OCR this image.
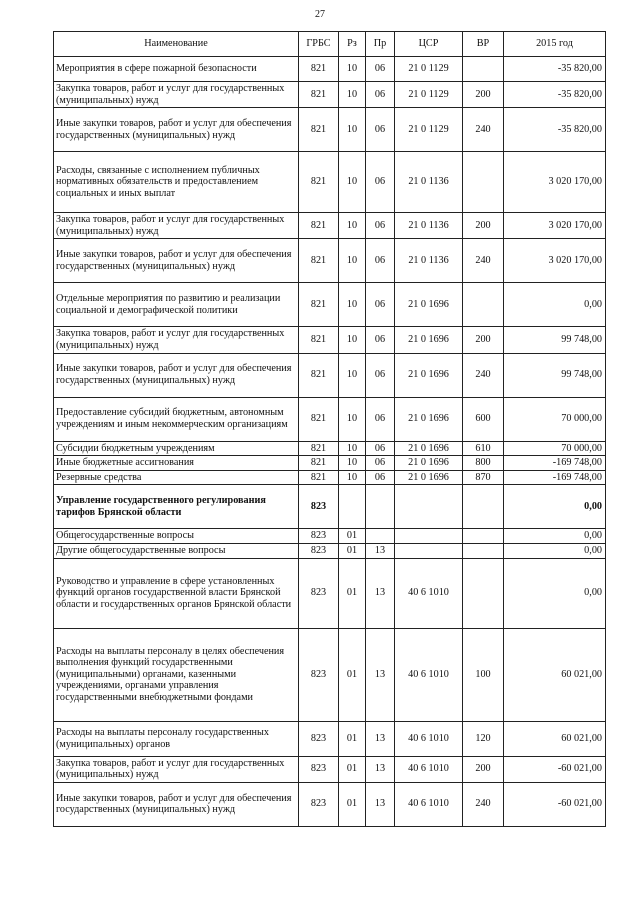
27
Наименование	ГРБС	Рз	Пр	ЦСР	ВР	2015 год
Мероприятия в сфере пожарной безопасности	821	10	06	21 0 1129		-35 820,00
Закупка товаров, работ и услуг для государственных (муниципальных) нужд	821	10	06	21 0 1129	200	-35 820,00
Иные закупки товаров, работ и услуг для обеспечения государственных (муниципальных) нужд	821	10	06	21 0 1129	240	-35 820,00
Расходы, связанные с исполнением публичных нормативных обязательств и предоставлением социальных и иных выплат	821	10	06	21 0 1136		3 020 170,00
Закупка товаров, работ и услуг для государственных (муниципальных) нужд	821	10	06	21 0 1136	200	3 020 170,00
Иные закупки товаров, работ и услуг для обеспечения государственных (муниципальных) нужд	821	10	06	21 0 1136	240	3 020 170,00
Отдельные мероприятия по развитию и реализации социальной и демографической политики	821	10	06	21 0 1696		0,00
Закупка товаров, работ и услуг для государственных (муниципальных) нужд	821	10	06	21 0 1696	200	99 748,00
Иные закупки товаров, работ и услуг для обеспечения государственных (муниципальных) нужд	821	10	06	21 0 1696	240	99 748,00
Предоставление субсидий бюджетным, автономным учреждениям и иным некоммерческим организациям	821	10	06	21 0 1696	600	70 000,00
Субсидии бюджетным учреждениям	821	10	06	21 0 1696	610	70 000,00
Иные бюджетные ассигнования	821	10	06	21 0 1696	800	-169 748,00
Резервные средства	821	10	06	21 0 1696	870	-169 748,00
Управление государственного регулирования тарифов Брянской области	823					0,00
Общегосударственные вопросы	823	01				0,00
Другие общегосударственные вопросы	823	01	13			0,00
Руководство и управление в сфере установленных функций органов государственной власти Брянской области и государственных органов Брянской области	823	01	13	40 6 1010		0,00
Расходы на выплаты персоналу в целях обеспечения выполнения функций государственными (муниципальными) органами, казенными учреждениями, органами управления государственными внебюджетными фондами	823	01	13	40 6 1010	100	60 021,00
Расходы на выплаты персоналу государственных (муниципальных) органов	823	01	13	40 6 1010	120	60 021,00
Закупка товаров, работ и услуг для государственных (муниципальных) нужд	823	01	13	40 6 1010	200	-60 021,00
Иные закупки товаров, работ и услуг для обеспечения государственных (муниципальных) нужд	823	01	13	40 6 1010	240	-60 021,00
